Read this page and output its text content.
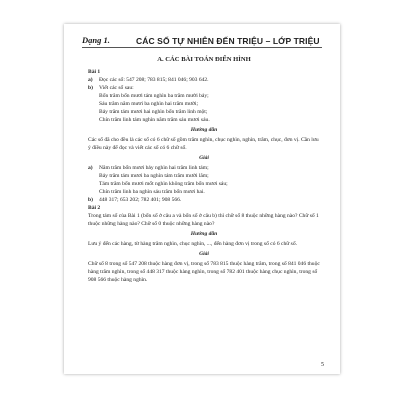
Dạng 1.	CÁC SỐ TỰ NHIÊN ĐẾN TRIỆU – LỚP TRIỆU
A. CÁC BÀI TOÁN ĐIỂN HÌNH
Bài 1
a) Đọc các số: 547 208; 783 815; 841 046; 903 642.
b) Viết các số sau:
Bốn trăm bốn mươi tám nghìn ba trăm mười bảy;
Sáu trăm năm mươi ba nghìn hai trăm mười;
Bảy trăm tám mươi hai nghìn bốn trăm linh một;
Chín trăm linh tám nghìn năm trăm sáu mươi sáu.
Hướng dẫn
Các số đã cho đều là các số có 6 chữ số gồm trăm nghìn, chục nghìn, nghìn, trăm, chục, đơn vị. Cần lưu ý điều này để đọc và viết các số có 6 chữ số.
Giải
a) Năm trăm bốn mươi bảy nghìn hai trăm linh tám;
Bảy trăm tám mươi ba nghìn tám trăm mười lăm;
Tám trăm bốn mươi mốt nghìn không trăm bốn mươi sáu;
Chín trăm linh ba nghìn sáu trăm bốn mươi hai.
b) 448 317; 653 202; 782 401; 908 566.
Bài 2
Trong tám số của Bài 1 (bốn số ở câu a và bốn số ở câu b) thì chữ số 8 thuộc những hàng nào? Chữ số 1 thuộc những hàng nào? Chữ số 0 thuộc những hàng nào?
Hướng dẫn
Lưu ý đến các hàng, từ hàng trăm nghìn, chục nghìn, ..., đến hàng đơn vị trong số có 6 chữ số.
Giải
Chữ số 8 trong số 547 208 thuộc hàng đơn vị, trong số 783 815 thuộc hàng trăm, trong số 841 046 thuộc hàng trăm nghìn, trong số 448 317 thuộc hàng nghìn, trong số 782 401 thuộc hàng chục nghìn, trong số 908 566 thuộc hàng nghìn.
5
